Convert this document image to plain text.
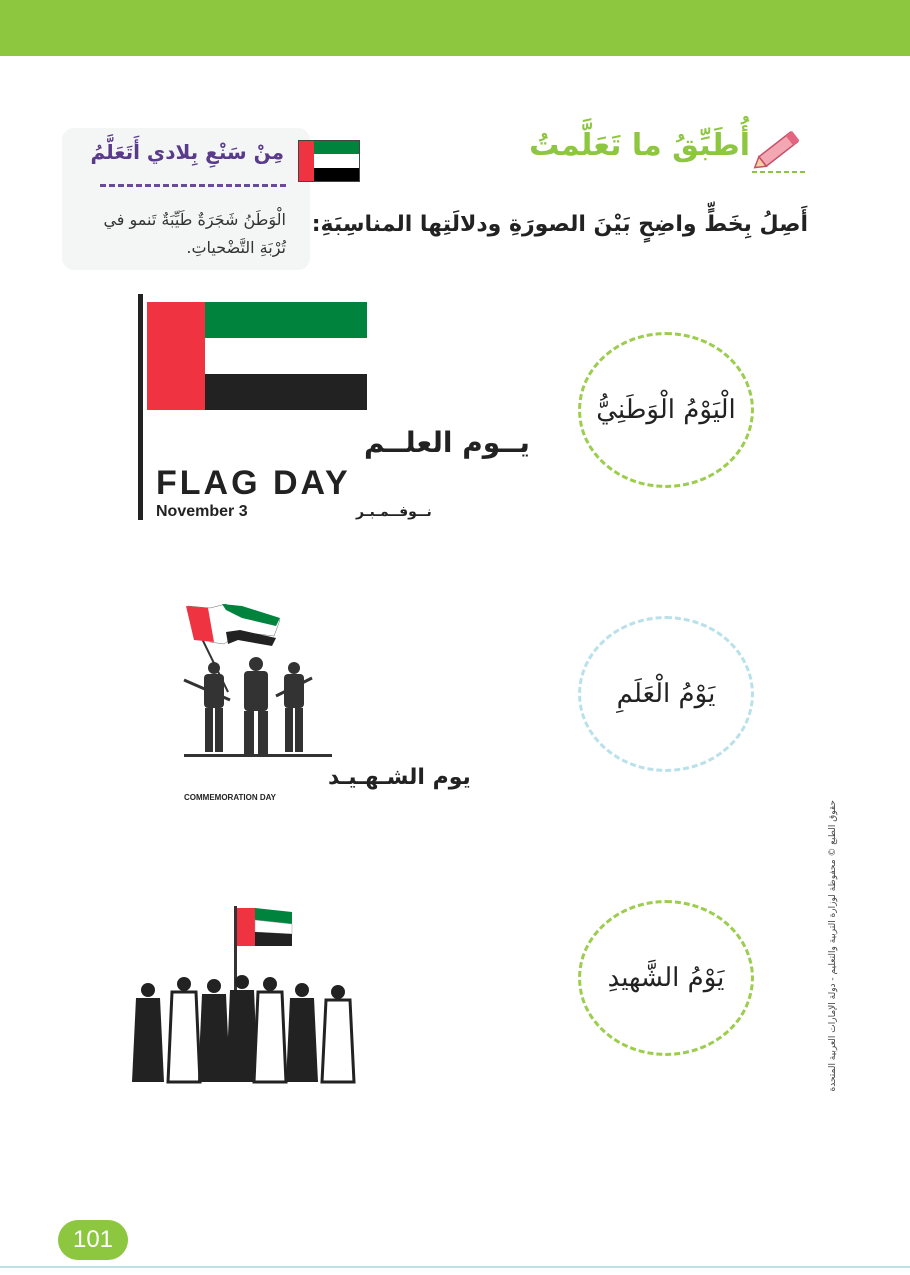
أُطَبِّقُ ما تَعَلَّمتُ
مِنْ سَنْعِ بِلادي أَتَعَلَّمُ
الْوَطَنُ شَجَرَةٌ طَيِّبَةٌ تَنمو في تُرْبَةِ التَّضْحياتِ.
أَصِلُ بِخَطٍّ واضِحٍ بَيْنَ الصورَةِ ودلالَتِها المناسِبَةِ:
يــوم العلــم
FLAG DAY
November 3	نــوفــمـبـر
يوم الشـهـيـد
COMMEMORATION DAY
الْيَوْمُ الْوَطَنِيُّ
يَوْمُ الْعَلَمِ
يَوْمُ الشَّهيدِ	حقوق الطبع © محفوظة لوزارة التربية والتعليم - دولة الإمارات العربية المتحدة
101
